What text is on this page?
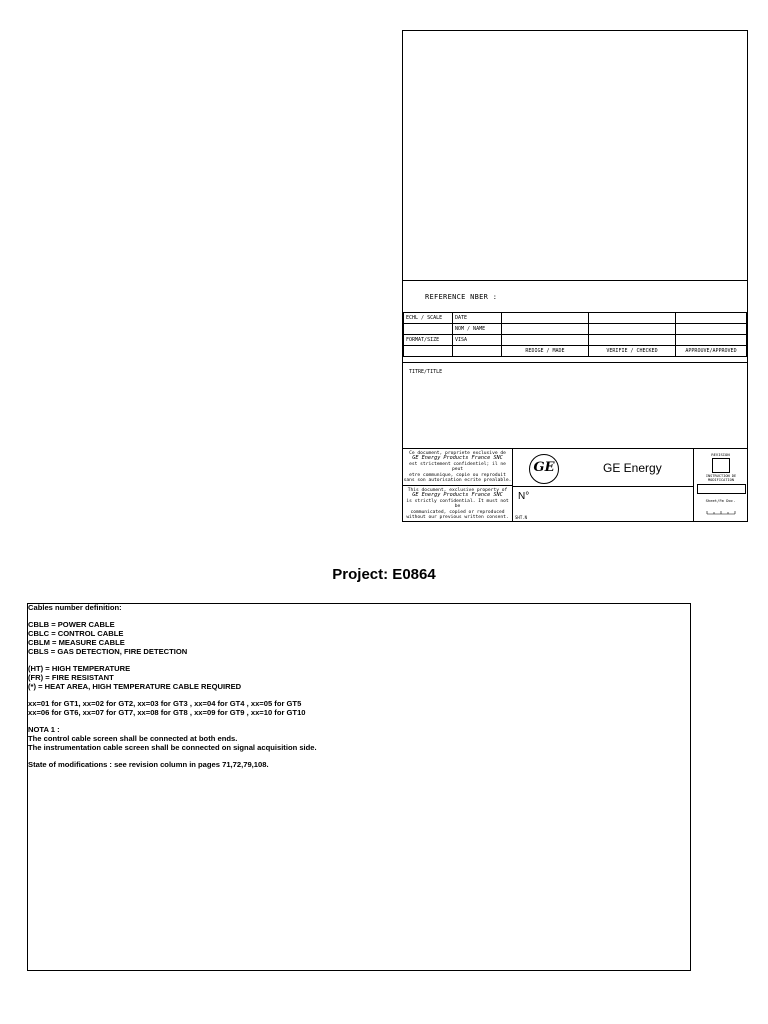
REFERENCE NBER :
ECHL / SCALE	DATE			
	NOM / NAME			
FORMAT/SIZE	VISA			
		REDIGE / MADE	VERIFIE / CHECKED	APPROUVE/APPROVED
TITRE/TITLE
Ce document, propriete exclusive de
GE Energy Products France SNC
est strictement confidentiel; il ne peut
etre communique, copie ou reproduit
sans son autorisation ecrite prealable.
This document, exclusive property of
GE Energy Products France SNC
is strictly confidential. It must not be
communicated, copied or reproduced
without our previous written consent.
GE	GE Energy
N°
SHT.N
REVISION
INSTRUCTION DE MODIFICATION
Sheet/Fm Doc.
Project: E0864
Cables number definition:
CBLB = POWER CABLE
CBLC = CONTROL CABLE
CBLM = MEASURE CABLE
CBLS = GAS DETECTION, FIRE DETECTION
(HT) = HIGH TEMPERATURE
(FR) = FIRE RESISTANT
(*) = HEAT AREA, HIGH TEMPERATURE CABLE REQUIRED
xx=01 for GT1, xx=02 for GT2, xx=03 for GT3 , xx=04 for GT4 , xx=05 for GT5
xx=06 for GT6, xx=07 for GT7, xx=08 for GT8 , xx=09 for GT9 , xx=10 for GT10
NOTA 1 :
The control cable screen shall be connected at both ends.
The instrumentation cable screen shall be connected on signal acquisition side.
State of modifications : see revision column in pages 71,72,79,108.
